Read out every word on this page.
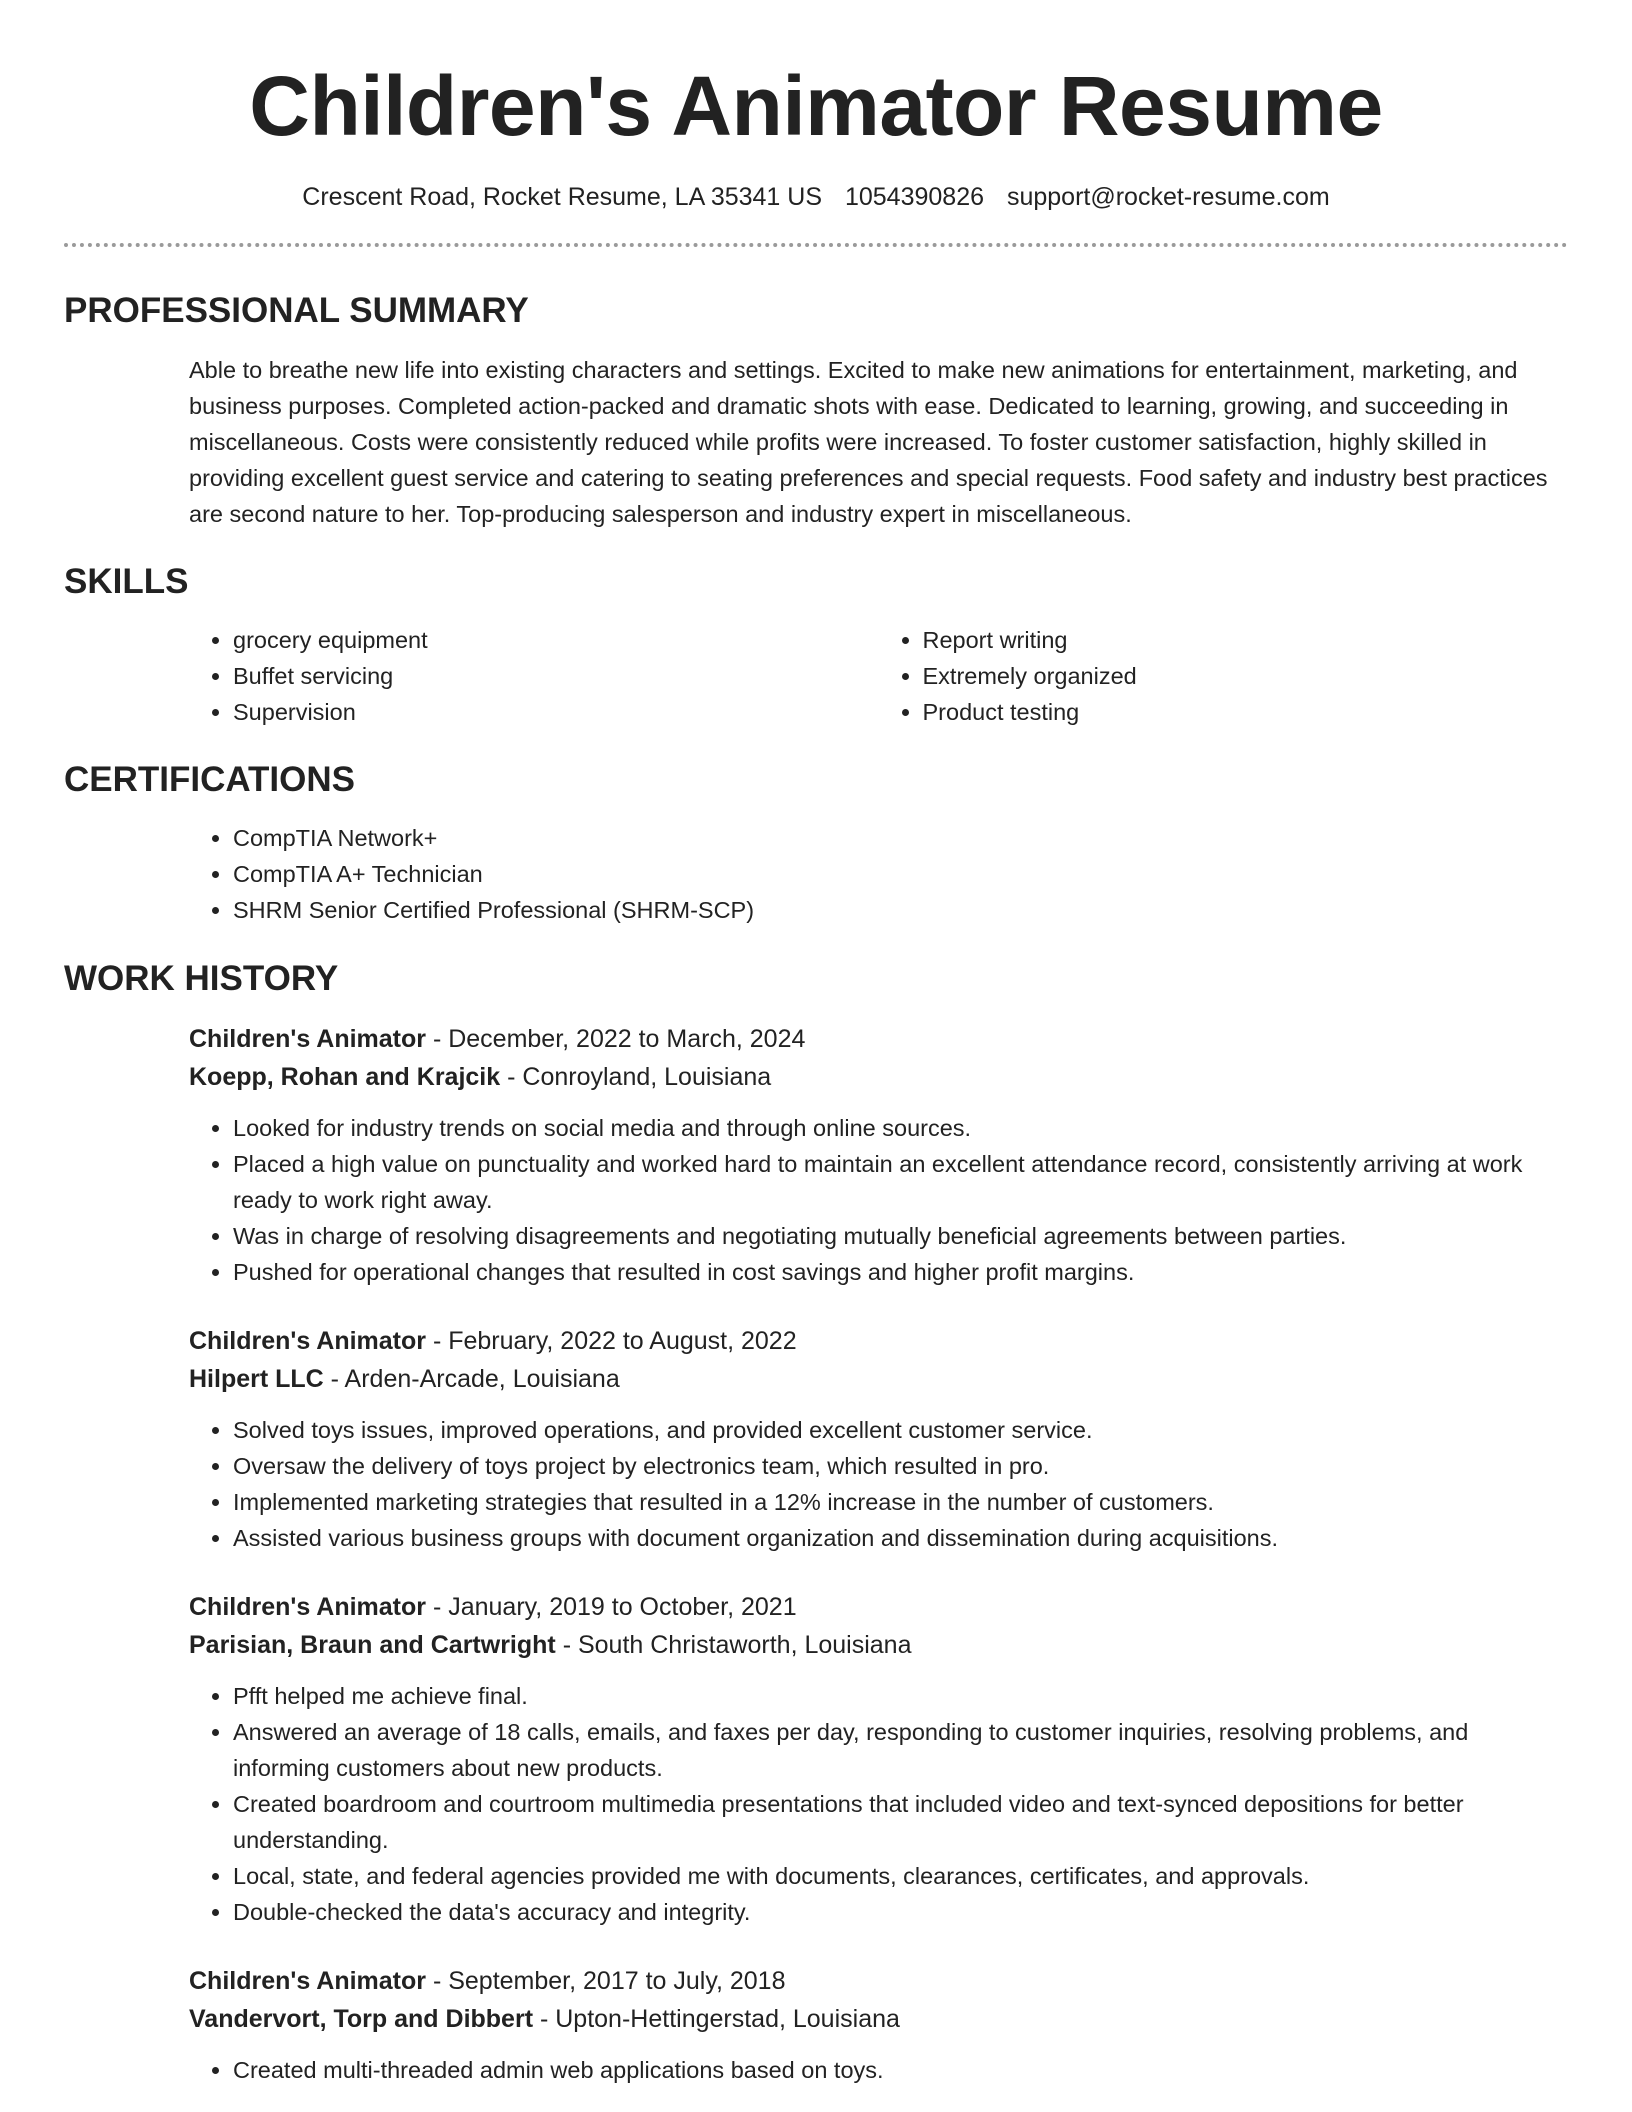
Children's Animator Resume
Crescent Road, Rocket Resume, LA 35341 US 1054390826 support@rocket-resume.com
PROFESSIONAL SUMMARY

Able to breathe new life into existing characters and settings. Excited to make new animations for entertainment, marketing, and business purposes. Completed action-packed and dramatic shots with ease. Dedicated to learning, growing, and succeeding in miscellaneous. Costs were consistently reduced while profits were increased. To foster customer satisfaction, highly skilled in providing excellent guest service and catering to seating preferences and special requests. Food safety and industry best practices are second nature to her. Top-producing salesperson and industry expert in miscellaneous.

SKILLS
• grocery equipment
• Buffet servicing
• Supervision
• Report writing
• Extremely organized
• Product testing
CERTIFICATIONS
• CompTIA Network+
• CompTIA A+ Technician
• SHRM Senior Certified Professional (SHRM-SCP)
WORK HISTORY
Children's Animator - December, 2022 to March, 2024
Koepp, Rohan and Krajcik - Conroyland, Louisiana
• Looked for industry trends on social media and through online sources.
• Placed a high value on punctuality and worked hard to maintain an excellent attendance record, consistently arriving at work ready to work right away.
• Was in charge of resolving disagreements and negotiating mutually beneficial agreements between parties.
• Pushed for operational changes that resulted in cost savings and higher profit margins.
Children's Animator - February, 2022 to August, 2022
Hilpert LLC - Arden-Arcade, Louisiana
• Solved toys issues, improved operations, and provided excellent customer service.
• Oversaw the delivery of toys project by electronics team, which resulted in pro.
• Implemented marketing strategies that resulted in a 12% increase in the number of customers.
• Assisted various business groups with document organization and dissemination during acquisitions.
Children's Animator - January, 2019 to October, 2021
Parisian, Braun and Cartwright - South Christaworth, Louisiana
• Pfft helped me achieve final.
• Answered an average of 18 calls, emails, and faxes per day, responding to customer inquiries, resolving problems, and informing customers about new products.
• Created boardroom and courtroom multimedia presentations that included video and text-synced depositions for better understanding.
• Local, state, and federal agencies provided me with documents, clearances, certificates, and approvals.
• Double-checked the data's accuracy and integrity.
Children's Animator - September, 2017 to July, 2018
Vandervort, Torp and Dibbert - Upton-Hettingerstad, Louisiana
• Created multi-threaded admin web applications based on toys.
